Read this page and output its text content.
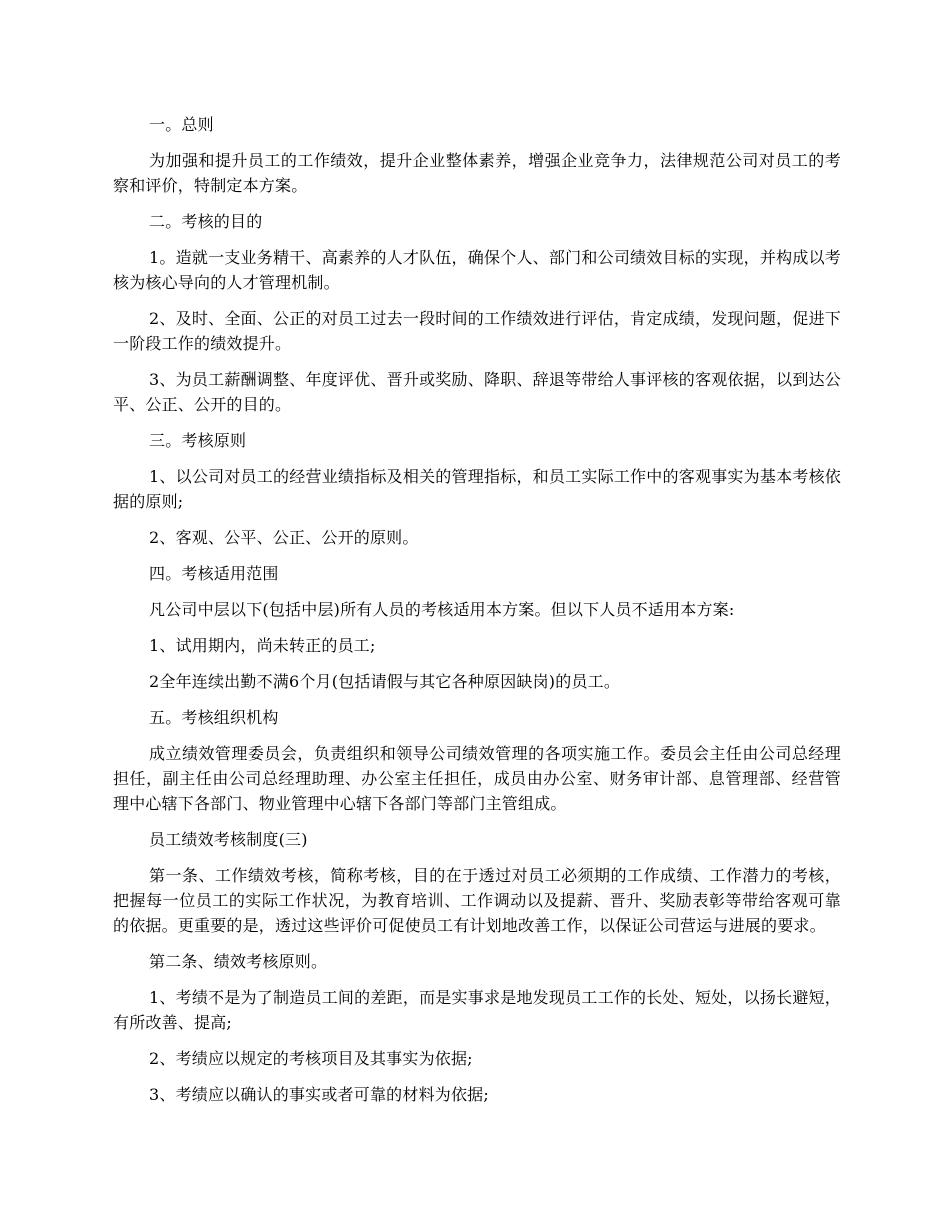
一。总则

为加强和提升员工的工作绩效，提升企业整体素养，增强企业竞争力，法律规范公司对员工的考察和评价，特制定本方案。

二。考核的目的

1。造就一支业务精干、高素养的人才队伍，确保个人、部门和公司绩效目标的实现，并构成以考核为核心导向的人才管理机制。

2、及时、全面、公正的对员工过去一段时间的工作绩效进行评估，肯定成绩，发现问题，促进下一阶段工作的绩效提升。

3、为员工薪酬调整、年度评优、晋升或奖励、降职、辞退等带给人事评核的客观依据，以到达公平、公正、公开的目的。

三。考核原则

1、以公司对员工的经营业绩指标及相关的管理指标，和员工实际工作中的客观事实为基本考核依据的原则;

2、客观、公平、公正、公开的原则。

四。考核适用范围

凡公司中层以下(包括中层)所有人员的考核适用本方案。但以下人员不适用本方案:

1、试用期内，尚未转正的员工;

2全年连续出勤不满6个月(包括请假与其它各种原因缺岗)的员工。

五。考核组织机构

成立绩效管理委员会，负责组织和领导公司绩效管理的各项实施工作。委员会主任由公司总经理担任，副主任由公司总经理助理、办公室主任担任，成员由办公室、财务审计部、息管理部、经营管理中心辖下各部门、物业管理中心辖下各部门等部门主管组成。

员工绩效考核制度(三)

第一条、工作绩效考核，简称考核，目的在于透过对员工必须期的工作成绩、工作潜力的考核，把握每一位员工的实际工作状况，为教育培训、工作调动以及提薪、晋升、奖励表彰等带给客观可靠的依据。更重要的是，透过这些评价可促使员工有计划地改善工作，以保证公司营运与进展的要求。

第二条、绩效考核原则。

1、考绩不是为了制造员工间的差距，而是实事求是地发现员工工作的长处、短处，以扬长避短，有所改善、提高;

2、考绩应以规定的考核项目及其事实为依据;

3、考绩应以确认的事实或者可靠的材料为依据;
